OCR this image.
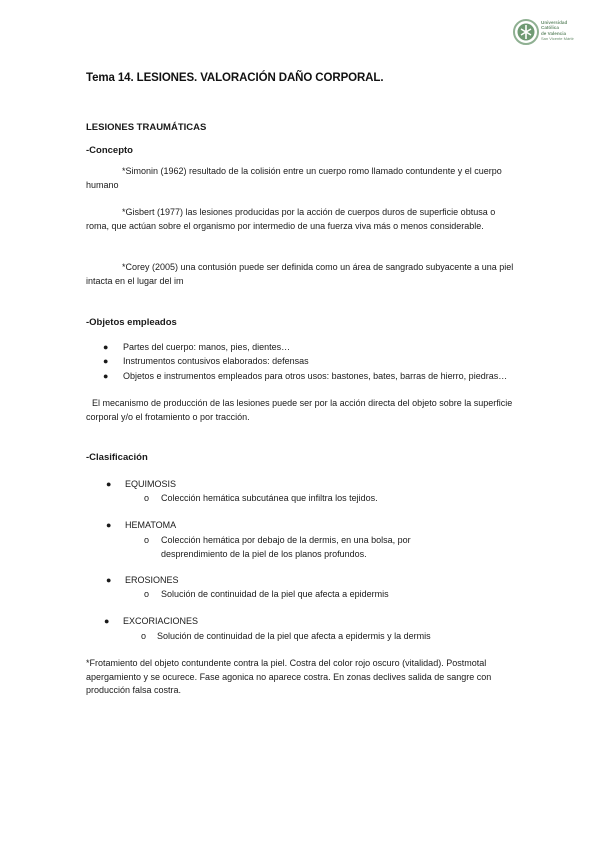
Universidad
Católica
de Valencia
San Vicente Mártir
Tema 14. LESIONES. VALORACIÓN DAÑO CORPORAL.
LESIONES TRAUMÁTICAS
-Concepto
*Simonin (1962) resultado de la colisión entre un cuerpo romo llamado contundente y el cuerpo humano
*Gisbert (1977) las lesiones producidas por la acción de cuerpos duros de superficie obtusa o roma, que actúan sobre el organismo por intermedio de una fuerza viva más o menos considerable.
*Corey (2005) una contusión puede ser definida como un área de sangrado subyacente a una piel intacta en el lugar del im
-Objetos empleados
● Partes del cuerpo: manos, pies, dientes…
● Instrumentos contusivos elaborados: defensas
● Objetos e instrumentos empleados para otros usos: bastones, bates, barras de hierro, piedras…
El mecanismo de producción de las lesiones puede ser por la acción directa del objeto sobre la superficie corporal y/o el frotamiento o por tracción.
-Clasificación
● EQUIMOSIS
o Colección hemática subcutánea que infiltra los tejidos.
● HEMATOMA
o Colección hemática por debajo de la dermis, en una bolsa, por desprendimiento de la piel de los planos profundos.
● EROSIONES
o Solución de continuidad de la piel que afecta a epidermis
● EXCORIACIONES
o Solución de continuidad de la piel que afecta a epidermis y la dermis
*Frotamiento del objeto contundente contra la piel. Costra del color rojo oscuro (vitalidad). Postmotal apergamiento y se ocurece. Fase agonica no aparece costra. En zonas declives salida de sangre con producción falsa costra.
